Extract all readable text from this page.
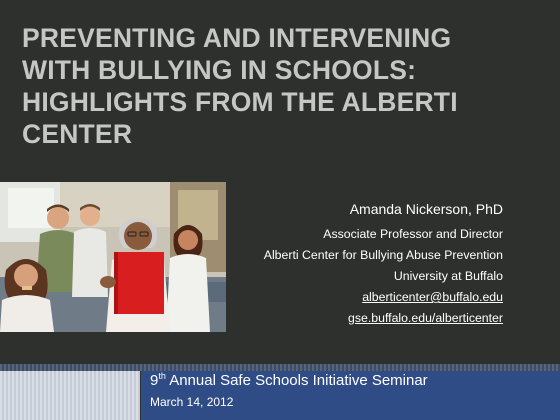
PREVENTING AND INTERVENING
WITH BULLYING IN SCHOOLS:
HIGHLIGHTS FROM THE ALBERTI
CENTER
Amanda Nickerson, PhD
Associate Professor and Director
Alberti Center for Bullying Abuse Prevention
University at Buffalo
alberticenter@buffalo.edu
gse.buffalo.edu/alberticenter
9th Annual Safe Schools Initiative Seminar
March 14, 2012
